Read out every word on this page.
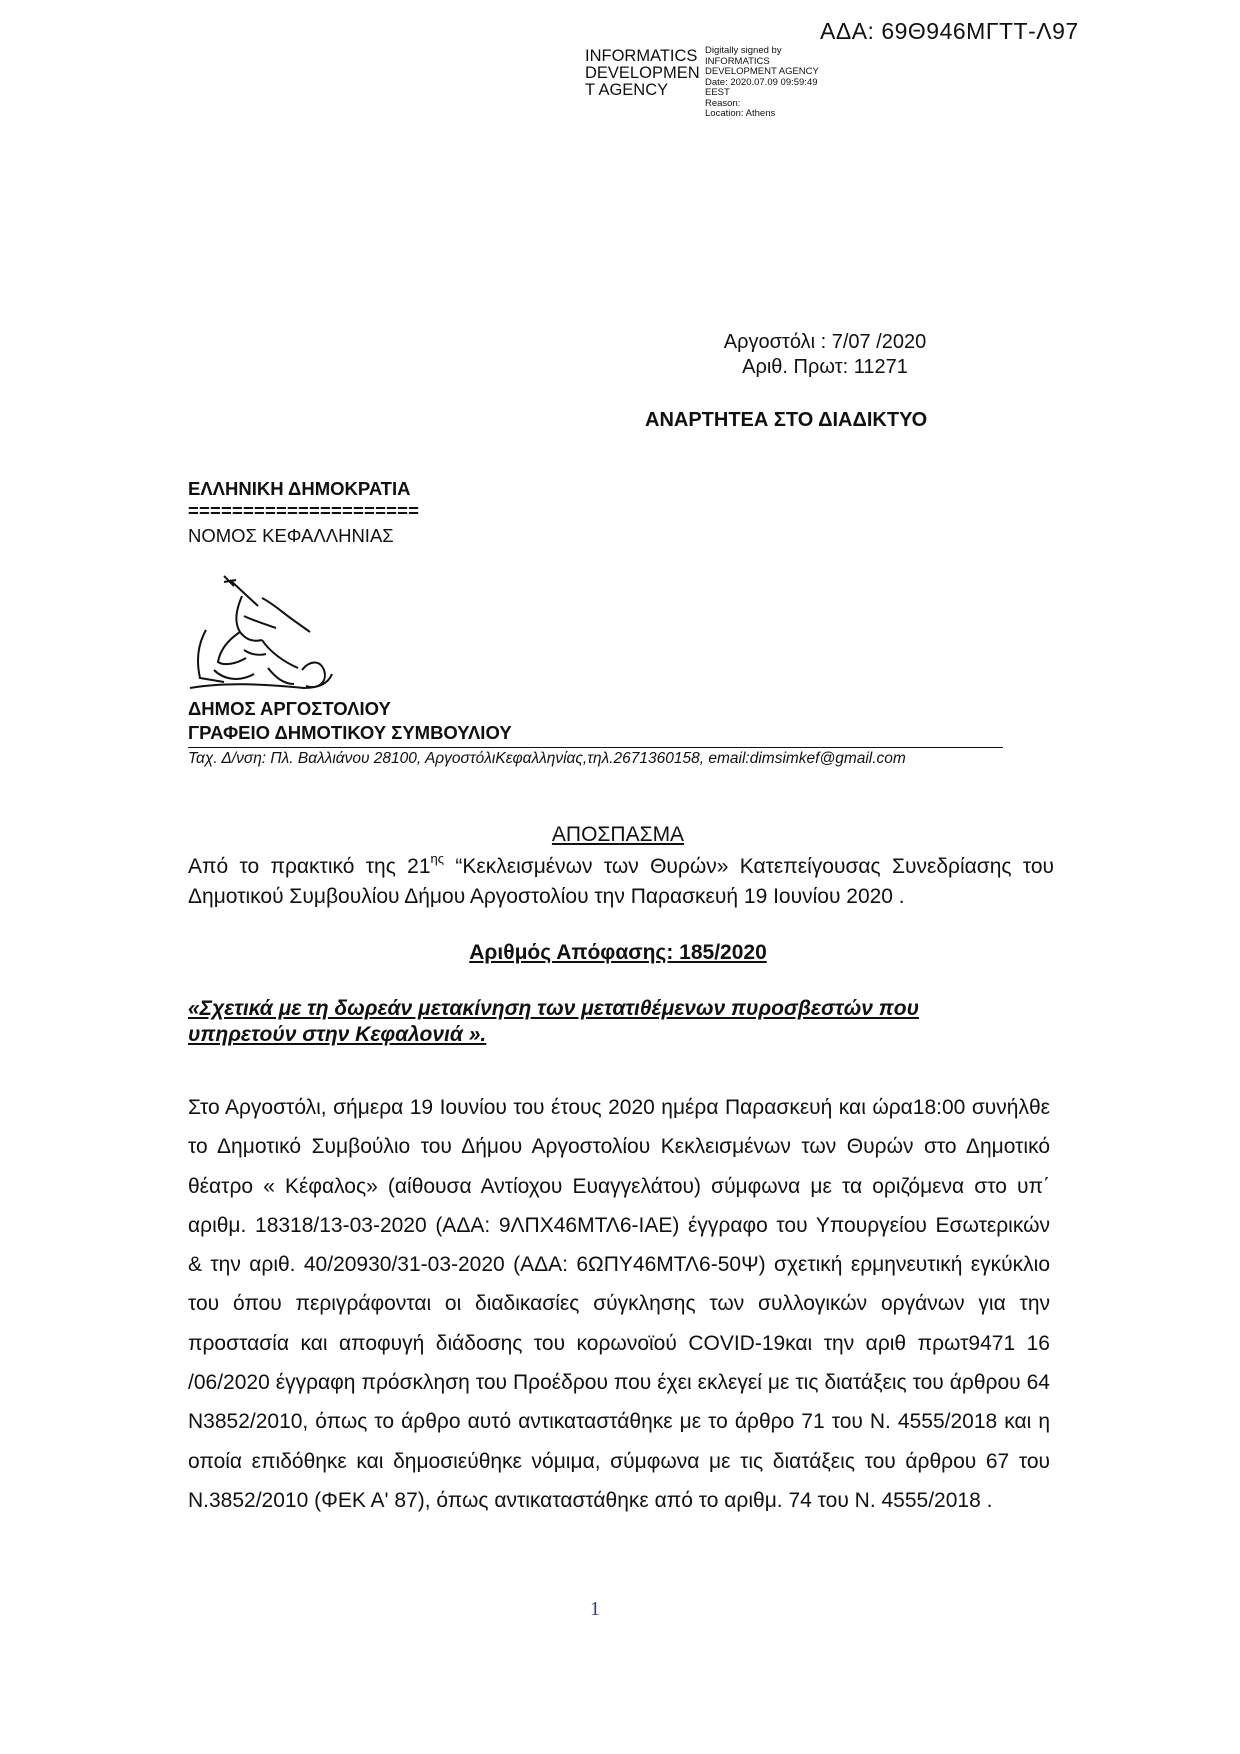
ΑΔΑ: 69Θ946ΜΓΤΤ-Λ97
INFORMATICS
DEVELOPMEN
T AGENCY
Digitally signed by
INFORMATICS
DEVELOPMENT AGENCY
Date: 2020.07.09 09:59:49
EEST
Reason:
Location: Athens
Αργοστόλι : 7/07 /2020
Αριθ. Πρωτ: 11271
ΑΝΑΡΤΗΤΕΑ ΣΤΟ ΔΙΑΔΙΚΤΥΟ
ΕΛΛΗΝΙΚΗ ΔΗΜΟΚΡΑΤΙΑ
=====================
ΝΟΜΟΣ ΚΕΦΑΛΛΗΝΙΑΣ
ΔΗΜΟΣ ΑΡΓΟΣΤΟΛΙΟΥ
ΓΡΑΦΕΙΟ ΔΗΜΟΤΙΚΟΥ ΣΥΜΒΟΥΛΙΟΥ
Ταχ. Δ/νση: Πλ. Βαλλιάνου 28100, ΑργοστόλιΚεφαλληνίας,τηλ.2671360158, email:dimsimkef@gmail.com
ΑΠΟΣΠΑΣΜΑ
Από το πρακτικό της $21^{\eta\varsigma}$ “Κεκλεισμένων των Θυρών» Κατεπείγουσας Συνεδρίασης του Δημοτικού Συμβουλίου Δήμου Αργοστολίου την Παρασκευή 19 Ιουνίου 2020 .
Αριθμός Απόφασης: 185/2020
«Σχετικά με τη δωρεάν μετακίνηση των μετατιθέμενων πυροσβεστών που υπηρετούν στην Κεφαλονιά ».
Στο Αργοστόλι, σήμερα 19 Ιουνίου του έτους 2020 ημέρα Παρασκευή και ώρα18:00 συνήλθε το Δημοτικό Συμβούλιο του Δήμου Αργοστολίου Κεκλεισμένων των Θυρών στο Δημοτικό θέατρο « Κέφαλος» (αίθουσα Αντίοχου Ευαγγελάτου) σύμφωνα με τα οριζόμενα στο υπ΄ αριθμ. 18318/13-03-2020 (ΑΔΑ: 9ΛΠΧ46ΜΤΛ6-ΙΑΕ) έγγραφο του Υπουργείου Εσωτερικών & την αριθ. 40/20930/31-03-2020 (ΑΔΑ: 6ΩΠΥ46ΜΤΛ6-50Ψ) σχετική ερμηνευτική εγκύκλιο του όπου περιγράφονται οι διαδικασίες σύγκλησης των συλλογικών οργάνων για την προστασία και αποφυγή διάδοσης του κορωνοϊού COVID-19και την αριθ πρωτ9471 16 /06/2020 έγγραφη πρόσκληση του Προέδρου που έχει εκλεγεί με τις διατάξεις του άρθρου 64 Ν3852/2010, όπως το άρθρο αυτό αντικαταστάθηκε με το άρθρο 71 του Ν. 4555/2018 και η οποία επιδόθηκε και δημοσιεύθηκε νόμιμα, σύμφωνα με τις διατάξεις του άρθρου 67 του Ν.3852/2010 (ΦΕΚ Α' 87), όπως αντικαταστάθηκε από το αριθμ. 74 του Ν. 4555/2018 .
1
